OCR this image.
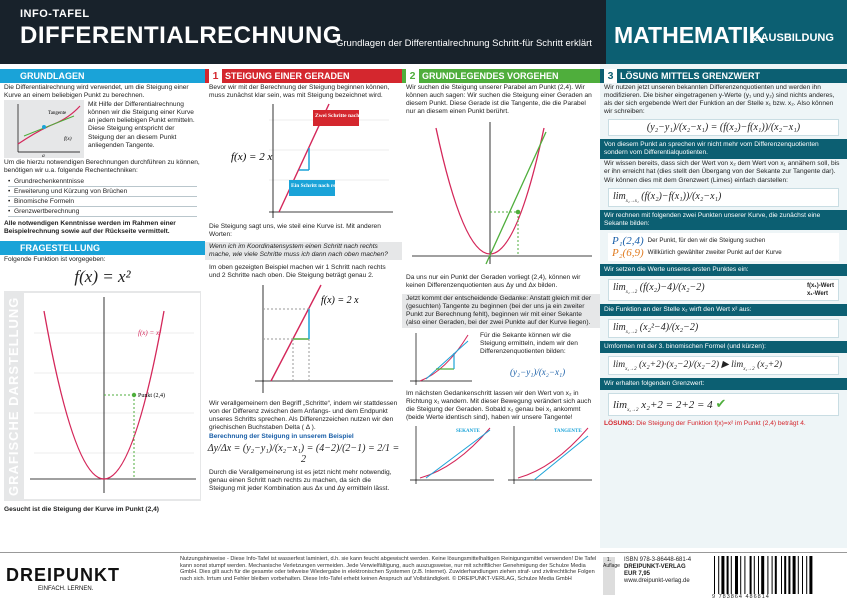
INFO-TAFEL
DIFFERENTIALRECHNUNG
Grundlagen der Differentialrechnung Schritt-für Schritt erklärt MATHEMATIK
& AUSBILDUNG
GRUNDLAGEN
Die Differentialrechnung wird verwendet, um die Steigung einer Kurve an einem beliebigen Punkt zu berechnen.
Tangente
f(x)
a
Mit Hilfe der Differentialrechnung können wir die Steigung einer Kurve an jedem beliebigen Punkt ermitteln. Diese Steigung entspricht der Steigung der an diesem Punkt anliegenden Tangente.
Um die hierzu notwendigen Berechnungen durchführen zu können, benötigen wir u.a. folgende Rechentechniken:
• Grundrechenkenntnisse
• Erweiterung und Kürzung von Brüchen
• Binomische Formeln
• Grenzwertberechnung
Alle notwendigen Kenntnisse werden im Rahmen einer Beispielrechnung sowie auf der Rückseite vermittelt.
FRAGESTELLUNG
Folgende Funktion ist vorgegeben:
f(x) = x²
GRAFISCHE DARSTELLUNG	Punkt (2,4)
f(x) = x²
Gesucht ist die Steigung der Kurve im Punkt (2,4)
1 STEIGUNG EINER GERADEN
Bevor wir mit der Berechnung der Steigung beginnen können, muss zunächst klar sein, was mit Steigung bezeichnet wird.
f(x) = 2 x
Zwei Schritte nach oben
Ein Schritt nach rechts
Die Steigung sagt uns, wie steil eine Kurve ist. Mit anderen Worten:
Wenn ich im Koordinatensystem einen Schritt nach rechts mache, wie viele Schritte muss ich dann nach oben machen?
Im oben gezeigten Beispiel machen wir 1 Schritt nach rechts und 2 Schritte nach oben. Die Steigung beträgt genau 2.
f(x) = 2 x
Wir verallgemeinern den Begriff „Schritte“, indem wir stattdessen von der Differenz zwischen dem Anfangs- und dem Endpunkt unseres Schritts sprechen. Als Differenzzeichen nutzen wir den griechischen Buchstaben Delta ( Δ ).
Berechnung der Steigung in unserem Beispiel
Δy/Δx = (y₂−y₁)/(x₂−x₁) = (4−2)/(2−1) = 2/1 = 2
Durch die Verallgemeinerung ist es jetzt nicht mehr notwendig, genau einen Schritt nach rechts zu machen, da sich die Steigung mit jeder Kombination aus Δx und Δy ermitteln lässt.
2 GRUNDLEGENDES VORGEHEN
Wir suchen die Steigung unserer Parabel am Punkt (2,4). Wir können auch sagen: Wir suchen die Steigung einer Geraden an diesem Punkt. Diese Gerade ist die Tangente, die die Parabel nur an diesem einen Punkt berührt.
Da uns nur ein Punkt der Geraden vorliegt (2,4), können wir keinen Differenzenquotienten aus Δy und Δx bilden.
Jetzt kommt der entscheidende Gedanke: Anstatt gleich mit der (gesuchten) Tangente zu beginnen (bei der uns ja ein zweiter Punkt zur Berechnung fehlt), beginnen wir mit einer Sekante (also einer Geraden, bei der zwei Punkte auf der Kurve liegen).
Für die Sekante können wir die Steigung ermitteln, indem wir den Differenzenquotienten bilden:
(y₂−y₁)/(x₂−x₁)
Im nächsten Gedankenschritt lassen wir den Wert von x₂ in Richtung x₁ wandern. Mit dieser Bewegung verändert sich auch die Steigung der Geraden. Sobald x₂ genau bei x₁ ankommt (beide Werte identisch sind), haben wir unsere Tangente!
SEKANTE	TANGENTE
3 LÖSUNG MITTELS GRENZWERT
Wir nutzen jetzt unseren bekannten Differenzenquotienten und werden ihn modifizieren. Die bisher eingetragenen y-Werte (y₁ und y₂) sind nichts anderes, als der sich ergebende Wert der Funktion an der Stelle x₁ bzw. x₂. Also können wir schreiben:
(y₂−y₁)/(x₂−x₁) = (f(x₂)−f(x₁))/(x₂−x₁)
Von diesem Punkt an sprechen wir nicht mehr vom Differenzenquotienten sondern vom Differentialquotienten.
Wir wissen bereits, dass sich der Wert von x₂ dem Wert von x₁ annähern soll, bis er ihn erreicht hat (dies stellt den Übergang von der Sekante zur Tangente dar). Wir können dies mit dem Grenzwert (Limes) einfach darstellen:
$\lim_{x_2\to x_1} (f(x_2)-f(x_1))/(x_2-x_1)$
Wir rechnen mit folgenden zwei Punkten unserer Kurve, die zunächst eine Sekante bilden:
P₁(2,4) Der Punkt, für den wir die Steigung suchen
P₂(6,9) Willkürlich gewählter zweiter Punkt auf der Kurve
Wir setzen die Werte unseres ersten Punktes ein:
$\lim_{x_2\to 2} (f(x_2)-4)/(x_2-2)$	f(x₁)-Wert
x₁-Wert
Die Funktion an der Stelle x₂ wirft den Wert x² aus:
$\lim_{x_2\to 2} (x_2^2-4)/(x_2-2)$
Umformen mit der 3. binomischen Formel (und kürzen):
$\lim_{x_2\to 2} (x_2+2)\cdot(x_2-2)/(x_2-2)$ ▶ $\lim_{x_2\to 2} (x_2+2)$
Wir erhalten folgenden Grenzwert:
$\lim_{x_2\to 2} x_2+2 = 2+2 = 4$ ✔
LÖSUNG: Die Steigung der Funktion f(x)=x² im Punkt (2,4) beträgt 4.
DREIPUNKT
EINFACH. LERNEN.
Nutzungshinweise - Diese Info-Tafel ist wasserfest laminiert, d.h. sie kann feucht abgewischt werden. Keine lösungsmittelhaltigen Reinigungsmittel verwenden! Die Tafel kann sonst stumpf werden. Mechanische Verletzungen vermeiden. Jede Verwielfältigung, auch auszugsweise, nur mit schriftlicher Genehmigung der Schulze Media GmbH. Dies gilt auch für die gesamte oder teilweise Wiedergabe in elektronischen Systemen (z.B. Internet). Zuwiderhandlungen ziehen straf- und zivilrechtliche Folgen nach sich. Irrtum und Fehler bleiben vorbehalten. Diese Info-Tafel erhebt keinen Anspruch auf Vollständigkeit. © DREIPUNKT-VERLAG, Schulze Media GmbH
1. Auflage
ISBN 978-3-86448-681-4
DREIPUNKT-VERLAG
EUR 7,95
www.dreipunkt-verlag.de
9 783864 486814
